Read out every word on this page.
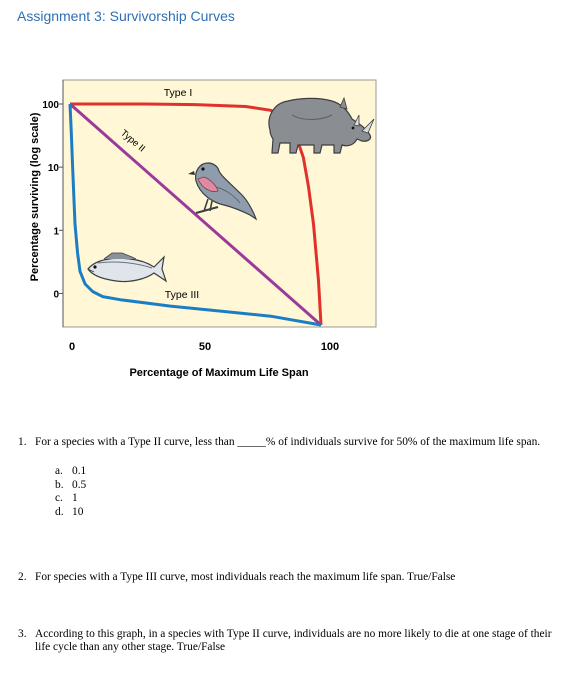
Assignment 3: Survivorship Curves
100
10
1
0
0	50	100
Percentage of Maximum Life Span
Percentage surviving (log scale)
Type I
Type II
Type III
1. For a species with a Type II curve, less than _____% of individuals survive for 50% of the maximum life span.
a. 0.1
b. 0.5
c. 1
d. 10
2. For species with a Type III curve, most individuals reach the maximum life span. True/False
3. According to this graph, in a species with Type II curve, individuals are no more likely to die at one stage of their life cycle than any other stage. True/False
